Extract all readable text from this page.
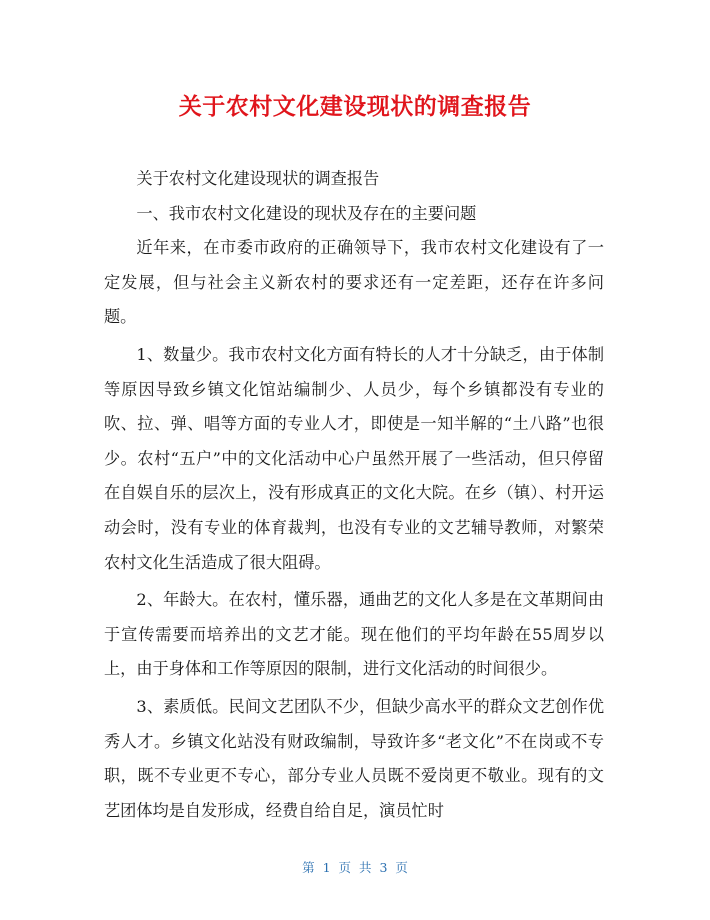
关于农村文化建设现状的调查报告

关于农村文化建设现状的调查报告

一、我市农村文化建设的现状及存在的主要问题

近年来，在市委市政府的正确领导下，我市农村文化建设有了一定发展，但与社会主义新农村的要求还有一定差距，还存在许多问题。

1、数量少。我市农村文化方面有特长的人才十分缺乏，由于体制等原因导致乡镇文化馆站编制少、人员少，每个乡镇都没有专业的吹、拉、弹、唱等方面的专业人才，即使是一知半解的“土八路”也很少。农村“五户”中的文化活动中心户虽然开展了一些活动，但只停留在自娱自乐的层次上，没有形成真正的文化大院。在乡（镇）、村开运动会时，没有专业的体育裁判，也没有专业的文艺辅导教师，对繁荣农村文化生活造成了很大阻碍。

2、年龄大。在农村，懂乐器，通曲艺的文化人多是在文革期间由于宣传需要而培养出的文艺才能。现在他们的平均年龄在55周岁以上，由于身体和工作等原因的限制，进行文化活动的时间很少。

3、素质低。民间文艺团队不少，但缺少高水平的群众文艺创作优秀人才。乡镇文化站没有财政编制，导致许多“老文化”不在岗或不专职，既不专业更不专心，部分专业人员既不爱岗更不敬业。现有的文艺团体均是自发形成，经费自给自足，演员忙时

第 1 页 共 3 页
